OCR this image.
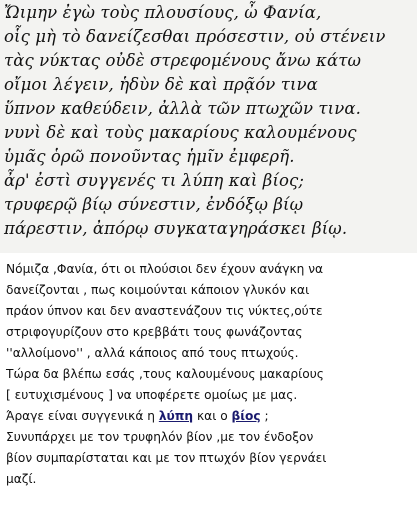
Ὤιμην ἐγὼ τοὺς πλουσίους, ὦ Φανία,
οἷς μὴ τὸ δανείζεσθαι πρόσεστιν, οὐ στένειν
τὰς νύκτας οὐδὲ στρεφομένους ἄνω κάτω
οἴμοι λέγειν, ἡδὺν δὲ καὶ πρᾷόν τινα
ὕπνον καθεύδειν, ἀλλὰ τῶν πτωχῶν τινα.
νυνὶ δὲ καὶ τοὺς μακαρίους καλουμένους
ὑμᾶς ὁρῶ πονοῦντας ἡμῖν ἐμφερῆ.
ἆρ' ἐστὶ συγγενές τι λύπη καὶ βίος;
τρυφερῷ βίῳ σύνεστιν, ἐνδόξῳ βίῳ
πάρεστιν, ἀπόρῳ συγκαταγηράσκει βίῳ.
Νόμιζα ,Φανία, ότι οι πλούσιοι δεν έχουν ανάγκη να
δανείζονται , πως κοιμούνται κάποιον γλυκόν και
πράον ύπνον και δεν αναστενάζουν τις νύκτες,ούτε
στριφογυρίζουν στο κρεββάτι τους φωνάζοντας
''αλλοίμονο'' , αλλά κάποιος από τους πτωχούς.
Τώρα δα βλέπω εσάς ,τους καλουμένους μακαρίους
[ ευτυχισμένους ] να υποφέρετε ομοίως με μας.
Άραγε είναι συγγενικά η λύπη και ο βίος ;
Συνυπάρχει με τον τρυφηλόν βίον ,με τον ένδοξον
βίον συμπαρίσταται και με τον πτωχόν βίον γερνάει
μαζί.
